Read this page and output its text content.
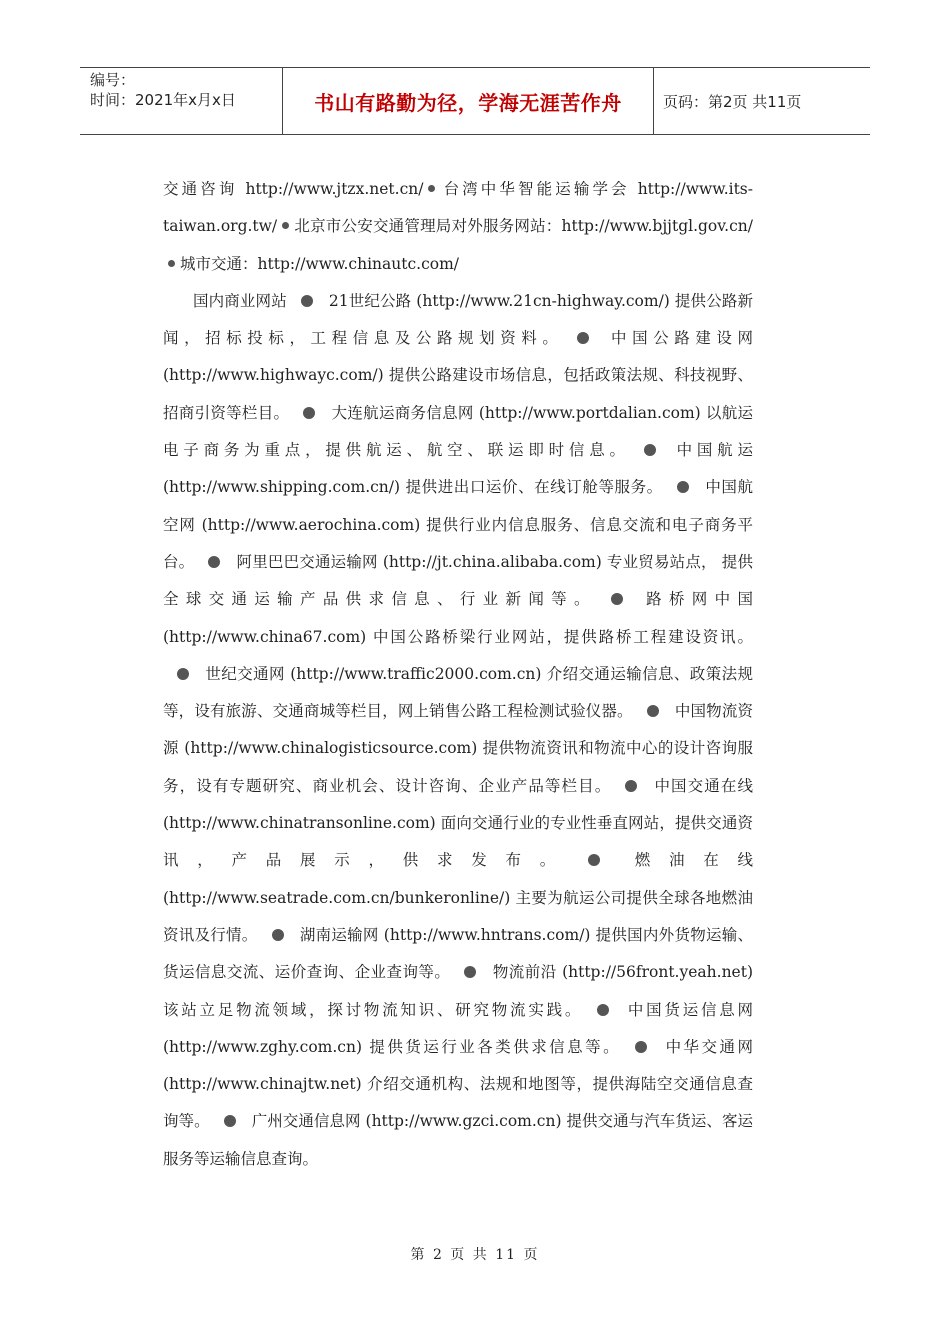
编号：
时间：2021年x月x日	书山有路勤为径，学海无涯苦作舟	页码：第2页 共11页

交通咨询 http://www.jtzx.net.cn/ 台湾中华智能运输学会 http://www.its-taiwan.org.tw/ 北京市公安交通管理局对外服务网站：http://www.bjjtgl.gov.cn/城市交通：http://www.chinautc.com/

国内商业网站	21世纪公路 (http://www.21cn-highway.com/) 提供公路新闻，招标投标，工程信息及公路规划资料。	中国公路建设网 (http://www.highwayc.com/) 提供公路建设市场信息，包括政策法规、科技视野、招商引资等栏目。	大连航运商务信息网 (http://www.portdalian.com) 以航运电子商务为重点，提供航运、航空、联运即时信息。	中国航运 (http://www.shipping.com.cn/) 提供进出口运价、在线订舱等服务。	中国航空网 (http://www.aerochina.com) 提供行业内信息服务、信息交流和电子商务平台。	阿里巴巴交通运输网 (http://jt.china.alibaba.com) 专业贸易站点， 提供全球交通运输产品供求信息、行业新闻等。	路桥网中国 (http://www.china67.com) 中国公路桥梁行业网站，提供路桥工程建设资讯。世纪交通网 (http://www.traffic2000.com.cn) 介绍交通运输信息、政策法规等，设有旅游、交通商城等栏目，网上销售公路工程检测试验仪器。	中国物流资源 (http://www.chinalogisticsource.com) 提供物流资讯和物流中心的设计咨询服务，设有专题研究、商业机会、设计咨询、企业产品等栏目。	中国交通在线 (http://www.chinatransonline.com) 面向交通行业的专业性垂直网站，提供交通资讯，产品展示，供求发布。	燃油在线 (http://www.seatrade.com.cn/bunkeronline/) 主要为航运公司提供全球各地燃油资讯及行情。	湖南运输网 (http://www.hntrans.com/) 提供国内外货物运输、货运信息交流、运价查询、企业查询等。	物流前沿 (http://56front.yeah.net) 该站立足物流领域，探讨物流知识、研究物流实践。	中国货运信息网 (http://www.zghy.com.cn) 提供货运行业各类供求信息等。	中华交通网 (http://www.chinajtw.net) 介绍交通机构、法规和地图等，提供海陆空交通信息查询等。	广州交通信息网 (http://www.gzci.com.cn) 提供交通与汽车货运、客运服务等运输信息查询。

第 2 页 共 11 页
